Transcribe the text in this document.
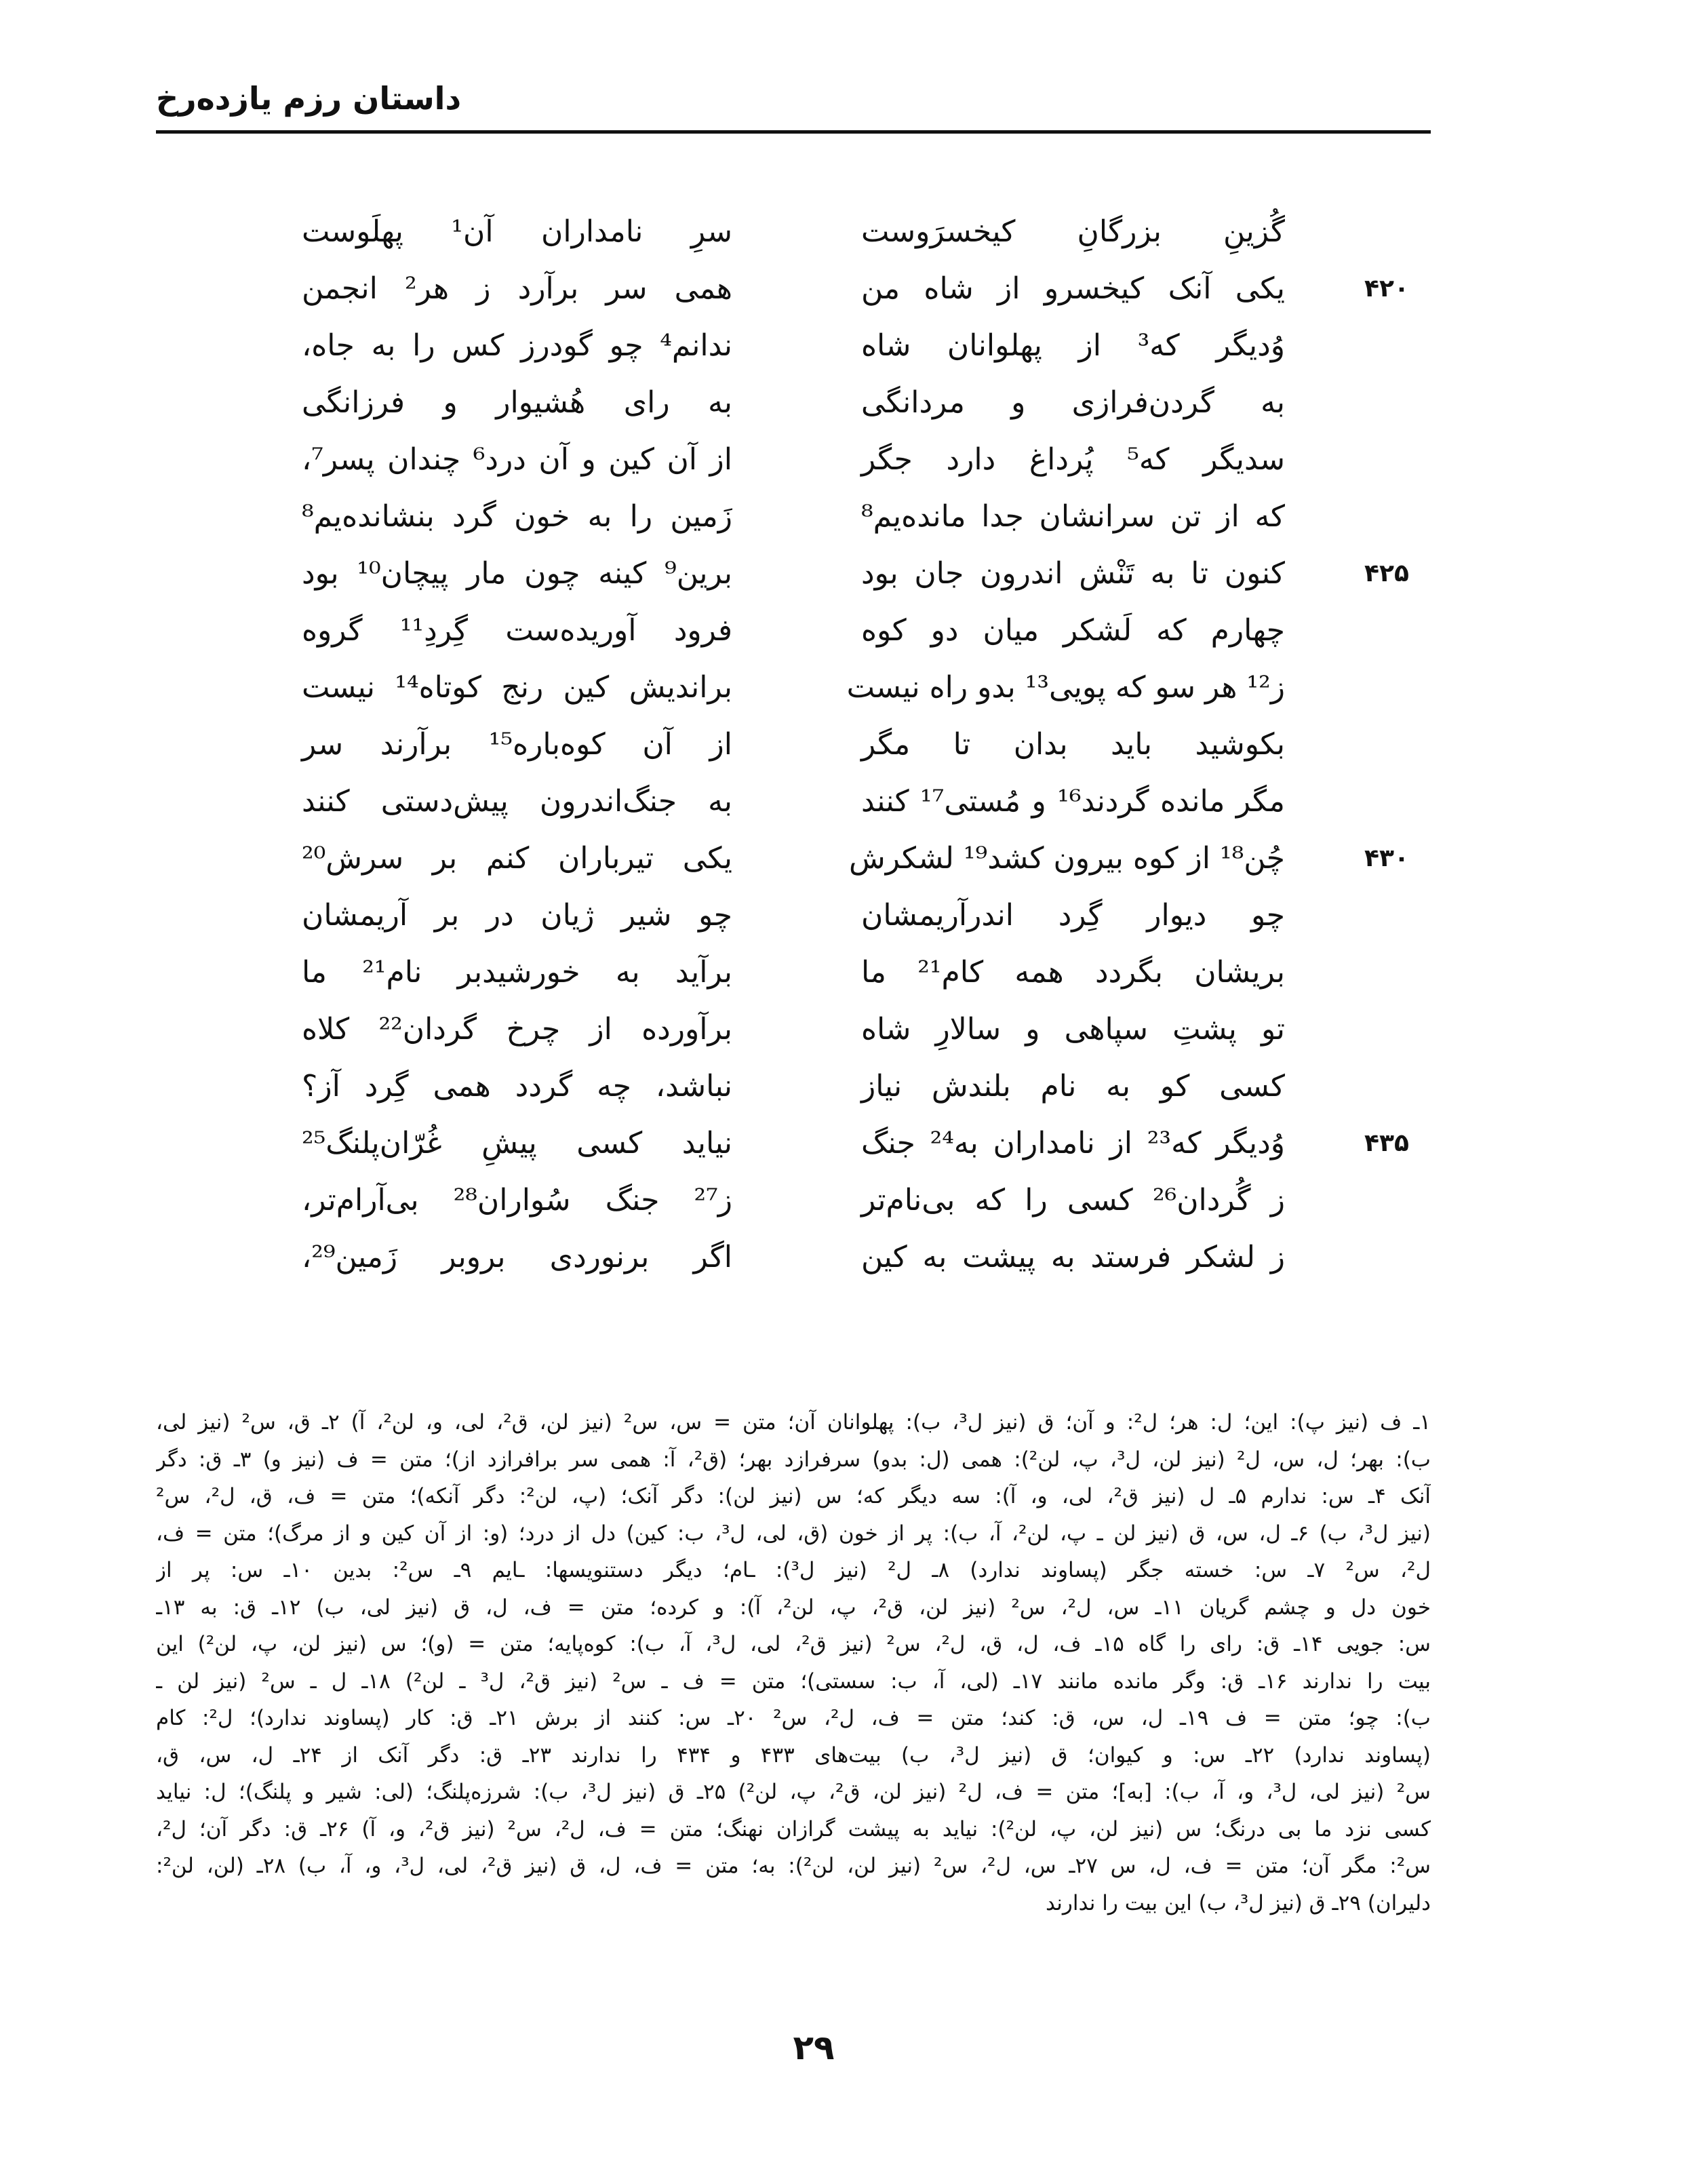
داستان رزم یازده‌رخ
گُزینِ بزرگانِ کیخسرَوست
سرِ نامداران آن¹ پهلَوست
۴۲۰
یکی آنک کیخسرو از شاه من
همی سر برآرد ز هر² انجمن
وُدیگر که³ از پهلوانان شاه
ندانم⁴ چو گودرز کس را به جاه،
به گردن‌فرازی و مردانگی
به رای هُشیوار و فرزانگی
سدیگر که⁵ پُرداغ دارد جگر
از آن کین و آن درد⁶ چندان پسر⁷،
که از تن سرانشان جدا مانده‌یم⁸
زَمین را به خون گرد بنشانده‌یم⁸
۴۲۵
کنون تا به تَنْش اندرون جان بود
برین⁹ کینه چون مار پیچان¹⁰ بود
چهارم که لَشکر میان دو کوه
فرود آوریده‌ست گِردِ¹¹ گروه
ز¹² هر سو که پویی¹³ بدو راه نیست
براندیش کین رنج کوتاه¹⁴ نیست
بکوشید باید بدان تا مگر
از آن کوه‌باره¹⁵ برآرند سر
مگر مانده گردند¹⁶ و مُستی¹⁷ کنند
به جنگ‌اندرون پیش‌دستی کنند
۴۳۰
چُن¹⁸ از کوه بیرون کشد¹⁹ لشکرش
یکی تیرباران کنم بر سرش²⁰
چو دیوار گِرد اندرآریمشان
چو شیر ژیان در بر آریمشان
بریشان بگردد همه کام²¹ ما
برآید به خورشیدبر نام²¹ ما
تو پشتِ سپاهی و سالارِ شاه
برآورده از چرخ گردان²² کلاه
کسی کو به نام بلندش نیاز
نباشد، چه گردد همی گِرد آز؟
۴۳۵
وُدیگر که²³ از نامداران به²⁴ جنگ
نیاید کسی پیشِ غُرّان‌پلنگ²⁵
ز گُردان²⁶ کسی را که بی‌نام‌تر
ز²⁷ جنگ سُواران²⁸ بی‌آرام‌تر،
ز لشکر فرستد به پیشت به کین
اگر برنوردی بروبر زَمین²⁹،
۱ـ ف (نیز پ): این؛ ل: هر؛ ل²: و آن؛ ق (نیز ل³، ب): پهلوانان آن؛ متن = س، س² (نیز لن، ق²، لی، و، لن²، آ) ۲ـ ق، س² (نیز لی،
ب): بهر؛ ل، س، ل² (نیز لن، ل³، پ، لن²): همی (ل: بدو) سرفرازد بهر؛ (ق²، آ: همی سر برافرازد از)؛ متن = ف (نیز و) ۳ـ ق: دگر
آنک ۴ـ س: ندارم ۵ـ ل (نیز ق²، لی، و، آ): سه دیگر که؛ س (نیز لن): دگر آنک؛ (پ، لن²: دگر آنکه)؛ متن = ف، ق، ل²، س²
(نیز ل³، ب) ۶ـ ل، س، ق (نیز لن ـ پ، لن²، آ، ب): پر از خون (ق، لی، ل³، ب: کین) دل از درد؛ (و: از آن کین و از مرگ)؛ متن = ف،
ل²، س² ۷ـ س: خسته جگر (پساوند ندارد) ۸ـ ل² (نیز ل³): ـام؛ دیگر دستنویسها: ـایم ۹ـ س²: بدین ۱۰ـ س: پر از
خون دل و چشم گریان ۱۱ـ س، ل²، س² (نیز لن، ق²، پ، لن²، آ): و کرده؛ متن = ف، ل، ق (نیز لی، ب) ۱۲ـ ق: به ۱۳ـ
س: جویی ۱۴ـ ق: رای را گاه ۱۵ـ ف، ل، ق، ل²، س² (نیز ق²، لی، ل³، آ، ب): کوه‌پایه؛ متن = (و)؛ س (نیز لن، پ، لن²) این
بیت را ندارند ۱۶ـ ق: وگر مانده مانند ۱۷ـ (لی، آ، ب: سستی)؛ متن = ف ـ س² (نیز ق²، ل³ ـ لن²) ۱۸ـ ل ـ س² (نیز لن ـ
ب): چو؛ متن = ف ۱۹ـ ل، س، ق: کند؛ متن = ف، ل²، س² ۲۰ـ س: کنند از برش ۲۱ـ ق: کار (پساوند ندارد)؛ ل²: کام
(پساوند ندارد) ۲۲ـ س: و کیوان؛ ق (نیز ل³، ب) بیت‌های ۴۳۳ و ۴۳۴ را ندارند ۲۳ـ ق: دگر آنک از ۲۴ـ ل، س، ق،
س² (نیز لی، ل³، و، آ، ب): [به]؛ متن = ف، ل² (نیز لن، ق²، پ، لن²) ۲۵ـ ق (نیز ل³، ب): شرزه‌پلنگ؛ (لی: شیر و پلنگ)؛ ل: نیاید
کسی نزد ما بی درنگ؛ س (نیز لن، پ، لن²): نیاید به پیشت گرازان نهنگ؛ متن = ف، ل²، س² (نیز ق²، و، آ) ۲۶ـ ق: دگر آن؛ ل²،
س²: مگر آن؛ متن = ف، ل، س ۲۷ـ س، ل²، س² (نیز لن، لن²): به؛ متن = ف، ل، ق (نیز ق²، لی، ل³، و، آ، ب) ۲۸ـ (لن، لن²:
دلیران) ۲۹ـ ق (نیز ل³، ب) این بیت را ندارند
۲۹
